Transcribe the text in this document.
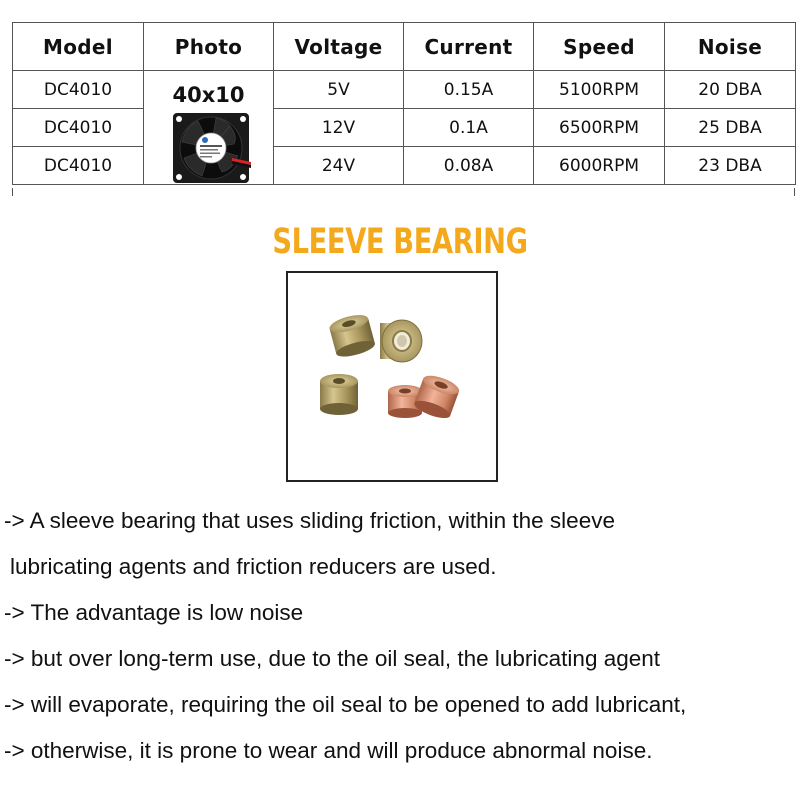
Model	Photo	Voltage	Current	Speed	Noise
DC4010	40x10	5V	0.15A	5100RPM	20 DBA
DC4010		12V	0.1A	6500RPM	25 DBA
DC4010		24V	0.08A	6000RPM	23 DBA
SLEEVE BEARING

-> A sleeve bearing that uses sliding friction, within the sleeve

lubricating agents and friction reducers are used.

-> The advantage is low noise

-> but over long-term use, due to the oil seal, the lubricating agent

-> will evaporate, requiring the oil seal to be opened to add lubricant,

-> otherwise, it is prone to wear and will produce abnormal noise.
